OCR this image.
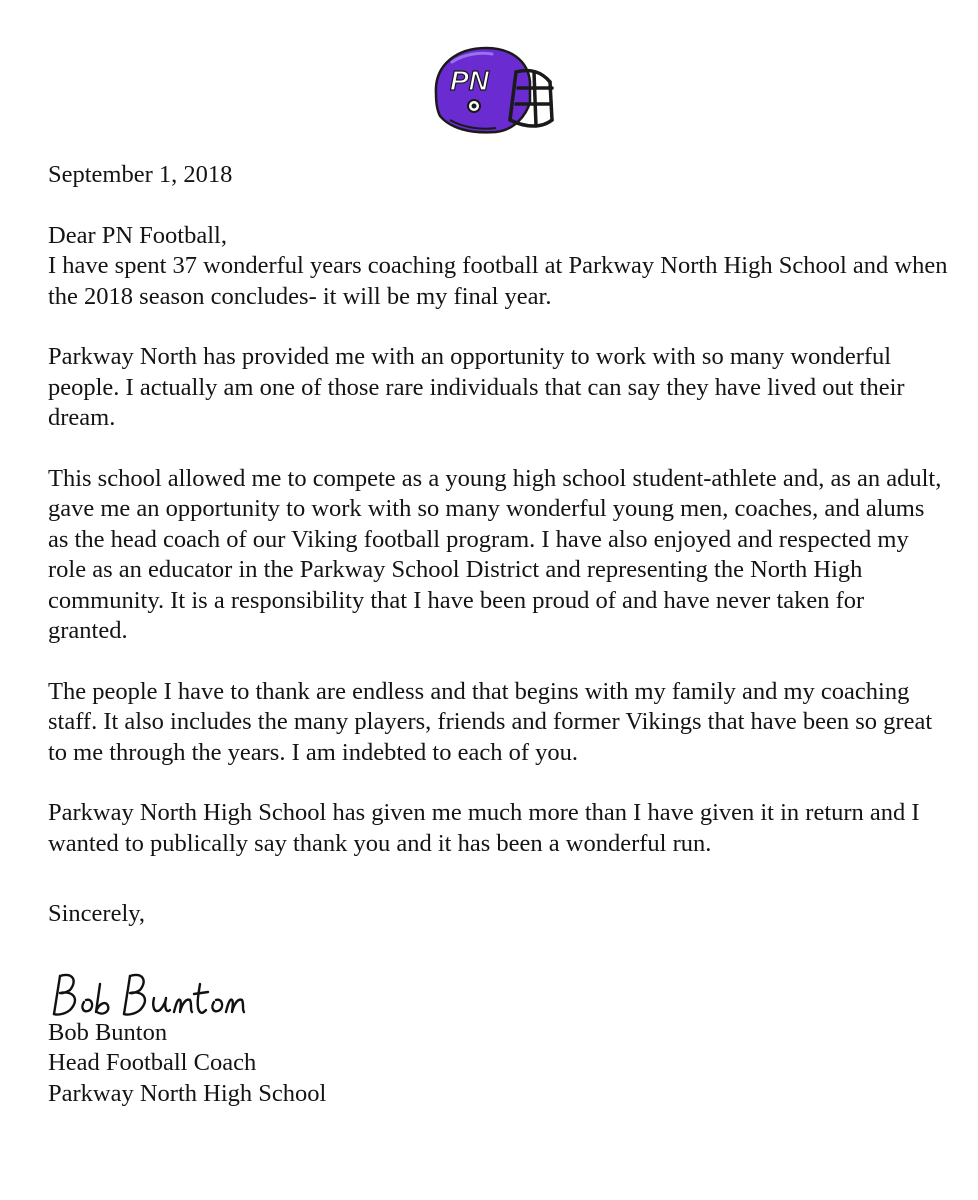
PN

September 1, 2018

Dear PN Football,

I have spent 37 wonderful years coaching football at Parkway North High School and when the 2018 season concludes- it will be my final year.

Parkway North has provided me with an opportunity to work with so many wonderful people. I actually am one of those rare individuals that can say they have lived out their dream.

This school allowed me to compete as a young high school student-athlete and, as an adult, gave me an opportunity to work with so many wonderful young men, coaches, and alums as the head coach of our Viking football program. I have also enjoyed and respected my role as an educator in the Parkway School District and representing the North High community. It is a responsibility that I have been proud of and have never taken for granted.

The people I have to thank are endless and that begins with my family and my coaching staff. It also includes the many players, friends and former Vikings that have been so great to me through the years. I am indebted to each of you.

Parkway North High School has given me much more than I have given it in return and I wanted to publically say thank you and it has been a wonderful run.

Sincerely,

Bob Bunton

Head Football Coach

Parkway North High School
